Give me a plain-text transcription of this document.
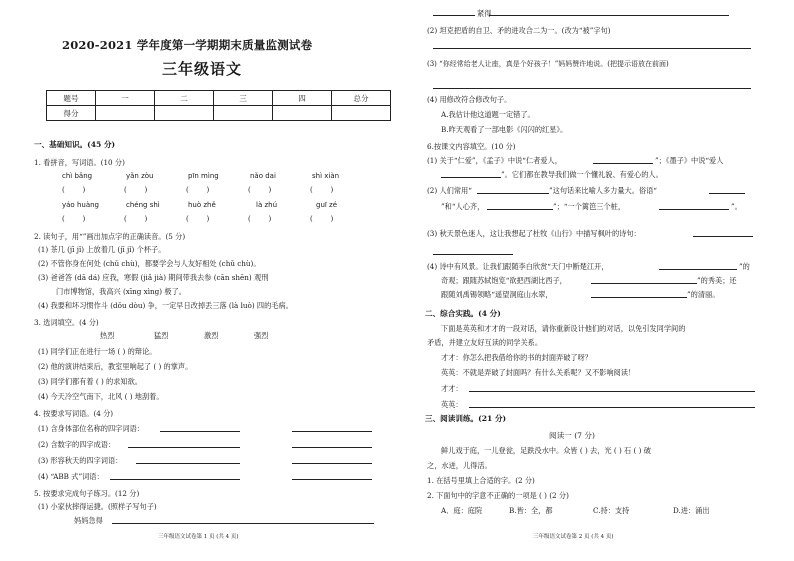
2020-2021 学年度第一学期期末质量监测试卷
三年级语文
题号	一	二	三	四	总分
得分					
一、基础知识。(45 分)
1. 看拼音，写词语。(10 分)
chì bǎng	yǎn zòu	pīn mìng	nǎo dai	shì xiàn
(        )	(        )	(        )	(        )	(        )
yáo huàng	chéng shì	huò zhě	là zhú	guī zé
(        )	(        )	(        )	(        )	(        )
2. 读句子，用“”画出加点字的正确读音。(5 分)
(1) 茶几 (jī jǐ) 上放着几 (jī jǐ) 个杯子。
(2) 不管你身在何处 (chǔ chù)，都要学会与人友好相处 (chǔ chù)。
(3) 爸爸答 (dā dá) 应我，寒假 (jiǎ jià) 期间带我去参 (cān shēn) 观刑
门市博物馆，我高兴 (xīng xìng) 极了。
(4) 我要和坏习惯作斗 (dǒu dòu) 争，一定早日改掉丢三落 (là luò) 四的毛病。
3. 选词填空。(4 分)
热烈	猛烈	激烈	强烈
(1) 同学们正在进行一场 ( ) 的辩论。
(2) 他的演讲结束后，教室里响起了 ( ) 的掌声。
(3) 同学们都有着 ( ) 的求知欲。
(4) 今天冷空气南下，北风 ( ) 地刮着。
4. 按要求写词语。(4 分)
(1) 含身体部位名称的四字词语：
(2) 含数字的四字成语：
(3) 形容秋天的四字词语：
(4) “ABB 式”词语：
5. 按要求完成句子练习。(12 分)
(1) 小家伙摔得运捷。(照样子写句子)
妈妈急得
三年级语文试卷第 1 页 (共 4 页)
紧得
(2) 坦克把盾的自卫、矛的进攻合二为一。(改为“被”字句)
(3) “你经常给老人让座，真是个好孩子！”妈妈赞许地说。(把提示语放在前面)
(4) 用修改符合修改句子。
A.我估计他这道题一定错了。
B.昨天观看了一部电影《闪闪的红星》。
6.按课文内容填空。(10 分)
(1) 关于“仁爱”，《孟子》中说“仁者爱人，	”；《墨子》中说“爱人
”。它们都在教导我们做一个懂礼貌、有爱心的人。
(2) 人们常用“	”这句话来比喻人多力量大。俗语“
”和“人心齐，	”；“一个篱笆三个桩，	”。
(3) 秋天景色迷人，这让我想起了杜牧《山行》中描写枫叶的诗句：
(4) 诗中有风景。让我们跟随李白欣赏“天门中断楚江开，	”的
奇观；跟随苏轼饱览“欲把西湖比西子，	”的秀美；还
跟随刘禹锡领略“遥望洞庭山水翠，	”的清丽。
二、综合实践。(4 分)
下面是英英和才才的一段对话，请你重新设计他们的对话，以免引发同学间的
矛盾，并建立友好互读的同学关系。
才才：你怎么把我借给你的书的封面弄破了呀？
英英：不就是弄破了封面吗？有什么关系呢？又不影响阅读！
才才：
英英：
三、阅读训练。(21 分)
阅读一 (7 分)
鲜儿戏于庭，一儿登瓮，足跌没水中。众皆 ( ) 去，光 ( ) 石 ( ) 破
之，水迸，儿得活。
1. 在括号里填上合适的字。(2 分)
2. 下面句中的字意不正确的一项是 ( ) (2 分)
A．庭：庭院	B.皆：全，都	C.持：支持	D.进：涌出
三年级语文试卷第 2 页 (共 4 页)
